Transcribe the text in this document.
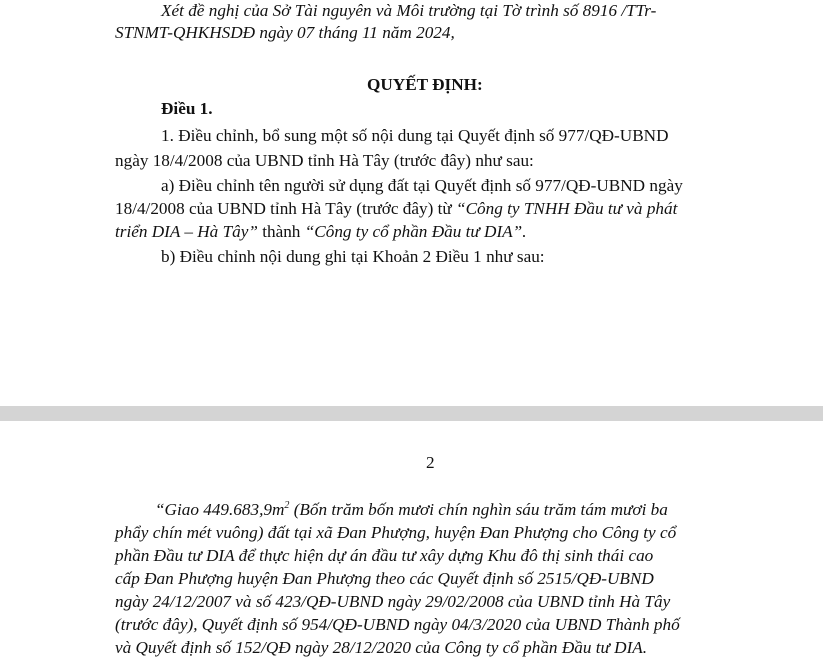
Xét đề nghị của Sở Tài nguyên và Môi trường tại Tờ trình số 8916 /TTr-
STNMT-QHKHSDĐ ngày 07 tháng 11 năm 2024,
QUYẾT ĐỊNH:
Điều 1.
1. Điều chỉnh, bổ sung một số nội dung tại Quyết định số 977/QĐ-UBND
ngày 18/4/2008 của UBND tỉnh Hà Tây (trước đây) như sau:
a) Điều chỉnh tên người sử dụng đất tại Quyết định số 977/QĐ-UBND ngày
18/4/2008 của UBND tỉnh Hà Tây (trước đây) từ “Công ty TNHH Đầu tư và phát
triển DIA – Hà Tây” thành “Công ty cổ phần Đầu tư DIA”.
b) Điều chỉnh nội dung ghi tại Khoản 2 Điều 1 như sau:
2
“Giao $449.683,9m^2$ (Bốn trăm bốn mươi chín nghìn sáu trăm tám mươi ba
phẩy chín mét vuông) đất tại xã Đan Phượng, huyện Đan Phượng cho Công ty cổ
phần Đầu tư DIA để thực hiện dự án đầu tư xây dựng Khu đô thị sinh thái cao
cấp Đan Phượng huyện Đan Phượng theo các Quyết định số 2515/QĐ-UBND
ngày 24/12/2007 và số 423/QĐ-UBND ngày 29/02/2008 của UBND tỉnh Hà Tây
(trước đây), Quyết định số 954/QĐ-UBND ngày 04/3/2020 của UBND Thành phố
và Quyết định số 152/QĐ ngày 28/12/2020 của Công ty cổ phần Đầu tư DIA.
